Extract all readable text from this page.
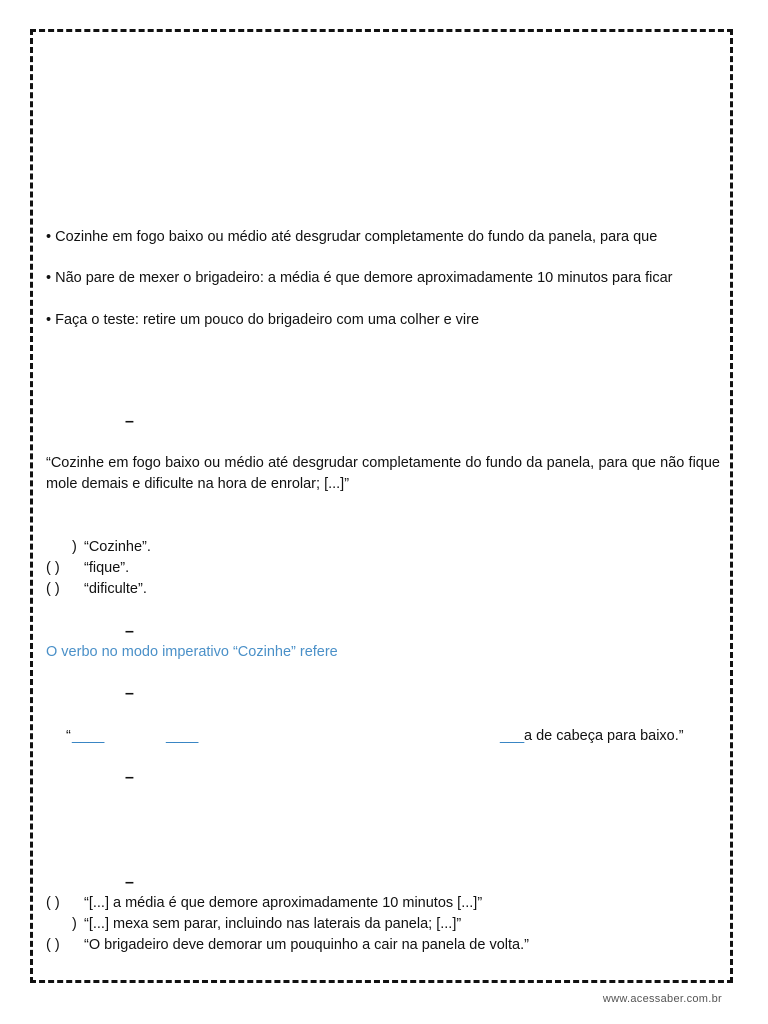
• Cozinhe em fogo baixo ou médio até desgrudar completamente do fundo da panela, para que
• Não pare de mexer o brigadeiro: a média é que demore aproximadamente 10 minutos para ficar
• Faça o teste: retire um pouco do brigadeiro com uma colher e vire
–
“Cozinhe em fogo baixo ou médio até desgrudar completamente do fundo da panela, para que não fique mole demais e dificulte na hora de enrolar; [...]”
) “Cozinhe”.
( ) “fique”.
( ) “dificulte”.
–
O verbo no modo imperativo “Cozinhe” refere
–
“ ____	____	___ a de cabeça para baixo.”
–
–
( ) “[...] a média é que demore aproximadamente 10 minutos [...]”
) “[...] mexa sem parar, incluindo nas laterais da panela; [...]”
( ) “O brigadeiro deve demorar um pouquinho a cair na panela de volta.”
www.acessaber.com.br
